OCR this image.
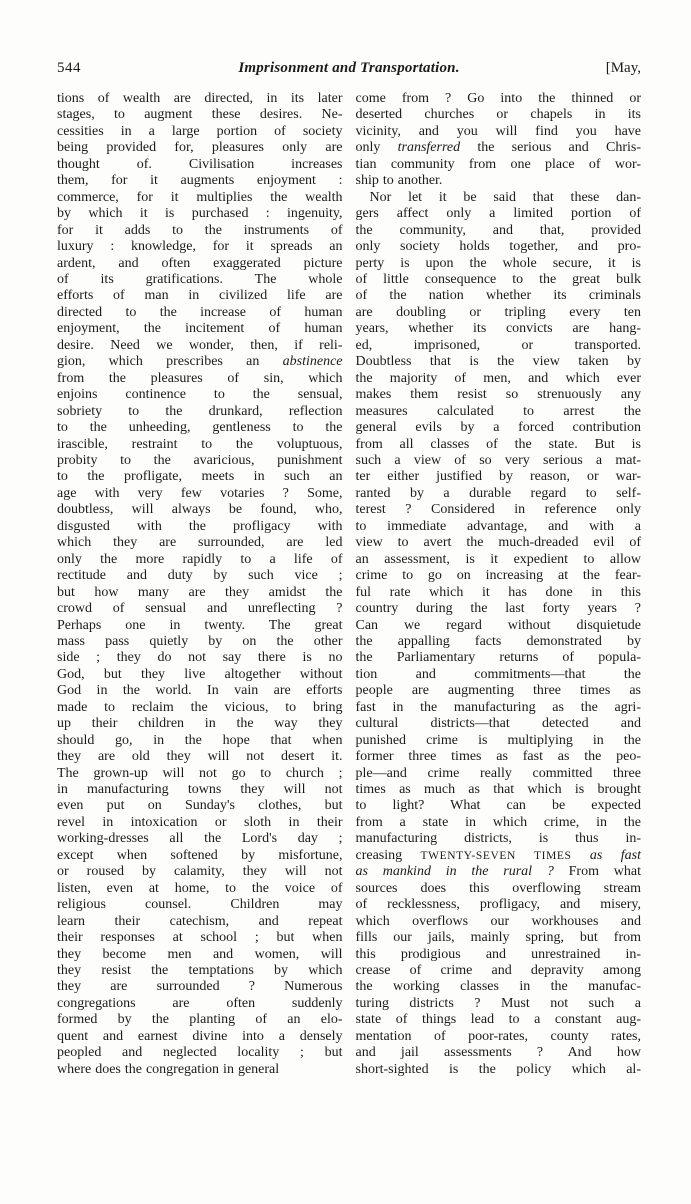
544	Imprisonment and Transportation.	[May,
tions of wealth are directed, in its later
stages, to augment these desires. Ne-
cessities in a large portion of society
being provided for, pleasures only are
thought of. Civilisation increases
them, for it augments enjoyment :
commerce, for it multiplies the wealth
by which it is purchased : ingenuity,
for it adds to the instruments of
luxury : knowledge, for it spreads an
ardent, and often exaggerated picture
of its gratifications. The whole
efforts of man in civilized life are
directed to the increase of human
enjoyment, the incitement of human
desire. Need we wonder, then, if reli-
gion, which prescribes an abstinence
from the pleasures of sin, which
enjoins continence to the sensual,
sobriety to the drunkard, reflection
to the unheeding, gentleness to the
irascible, restraint to the voluptuous,
probity to the avaricious, punishment
to the profligate, meets in such an
age with very few votaries ? Some,
doubtless, will always be found, who,
disgusted with the profligacy with
which they are surrounded, are led
only the more rapidly to a life of
rectitude and duty by such vice ;
but how many are they amidst the
crowd of sensual and unreflecting ?
Perhaps one in twenty. The great
mass pass quietly by on the other
side ; they do not say there is no
God, but they live altogether without
God in the world. In vain are efforts
made to reclaim the vicious, to bring
up their children in the way they
should go, in the hope that when
they are old they will not desert it.
The grown-up will not go to church ;
in manufacturing towns they will not
even put on Sunday's clothes, but
revel in intoxication or sloth in their
working-dresses all the Lord's day ;
except when softened by misfortune,
or roused by calamity, they will not
listen, even at home, to the voice of
religious counsel. Children may
learn their catechism, and repeat
their responses at school ; but when
they become men and women, will
they resist the temptations by which
they are surrounded ? Numerous
congregations are often suddenly
formed by the planting of an elo-
quent and earnest divine into a densely
peopled and neglected locality ; but
where does the congregation in general
come from ? Go into the thinned or
deserted churches or chapels in its
vicinity, and you will find you have
only transferred the serious and Chris-
tian community from one place of wor-
ship to another.
Nor let it be said that these dan-
gers affect only a limited portion of
the community, and that, provided
only society holds together, and pro-
perty is upon the whole secure, it is
of little consequence to the great bulk
of the nation whether its criminals
are doubling or tripling every ten
years, whether its convicts are hang-
ed, imprisoned, or transported.
Doubtless that is the view taken by
the majority of men, and which ever
makes them resist so strenuously any
measures calculated to arrest the
general evils by a forced contribution
from all classes of the state. But is
such a view of so very serious a mat-
ter either justified by reason, or war-
ranted by a durable regard to self-
terest ? Considered in reference only
to immediate advantage, and with a
view to avert the much-dreaded evil of
an assessment, is it expedient to allow
crime to go on increasing at the fear-
ful rate which it has done in this
country during the last forty years ?
Can we regard without disquietude
the appalling facts demonstrated by
the Parliamentary returns of popula-
tion and commitments—that the
people are augmenting three times as
fast in the manufacturing as the agri-
cultural districts—that detected and
punished crime is multiplying in the
former three times as fast as the peo-
ple—and crime really committed three
times as much as that which is brought
to light? What can be expected
from a state in which crime, in the
manufacturing districts, is thus in-
creasing TWENTY-SEVEN TIMES as fast
as mankind in the rural ? From what
sources does this overflowing stream
of recklessness, profligacy, and misery,
which overflows our workhouses and
fills our jails, mainly spring, but from
this prodigious and unrestrained in-
crease of crime and depravity among
the working classes in the manufac-
turing districts ? Must not such a
state of things lead to a constant aug-
mentation of poor-rates, county rates,
and jail assessments ? And how
short-sighted is the policy which al-
